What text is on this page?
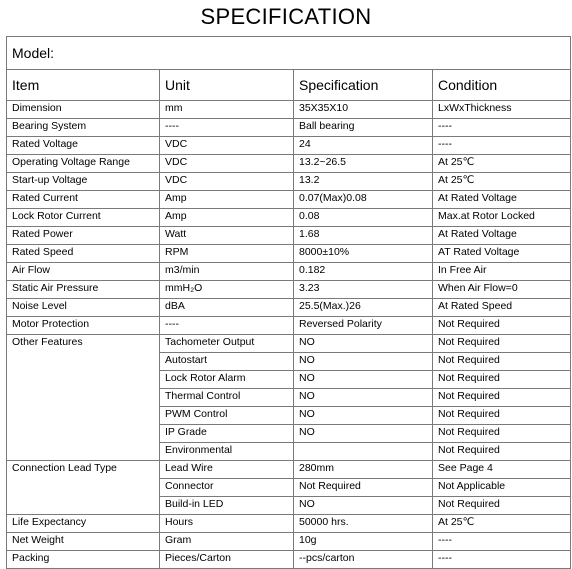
SPECIFICATION
Model:			
Item	Unit	Specification	Condition
Dimension	mm	35X35X10	LxWxThickness
Bearing System	----	Ball bearing	----
Rated Voltage	VDC	24	----
Operating Voltage Range	VDC	13.2~26.5	At 25℃
Start-up Voltage	VDC	13.2	At 25℃
Rated Current	Amp	0.07(Max)0.08	At Rated Voltage
Lock Rotor Current	Amp	0.08	Max.at Rotor Locked
Rated Power	Watt	1.68	At Rated Voltage
Rated Speed	RPM	8000±10%	AT Rated Voltage
Air Flow	m3/min	0.182	In Free Air
Static Air Pressure	mmH₂O	3.23	When Air Flow=0
Noise Level	dBA	25.5(Max.)26	At Rated Speed
Motor Protection	----	Reversed Polarity	Not Required
Other Features	Tachometer Output	NO	Not Required
	Autostart	NO	Not Required
	Lock Rotor Alarm	NO	Not Required
	Thermal Control	NO	Not Required
	PWM Control	NO	Not Required
	IP Grade	NO	Not Required
	Environmental		Not Required
Connection Lead Type	Lead Wire	280mm	See Page 4
	Connector	Not Required	Not Applicable
	Build-in LED	NO	Not Required
Life Expectancy	Hours	50000 hrs.	At 25℃
Net Weight	Gram	10g	----
Packing	Pieces/Carton	--pcs/carton	----
